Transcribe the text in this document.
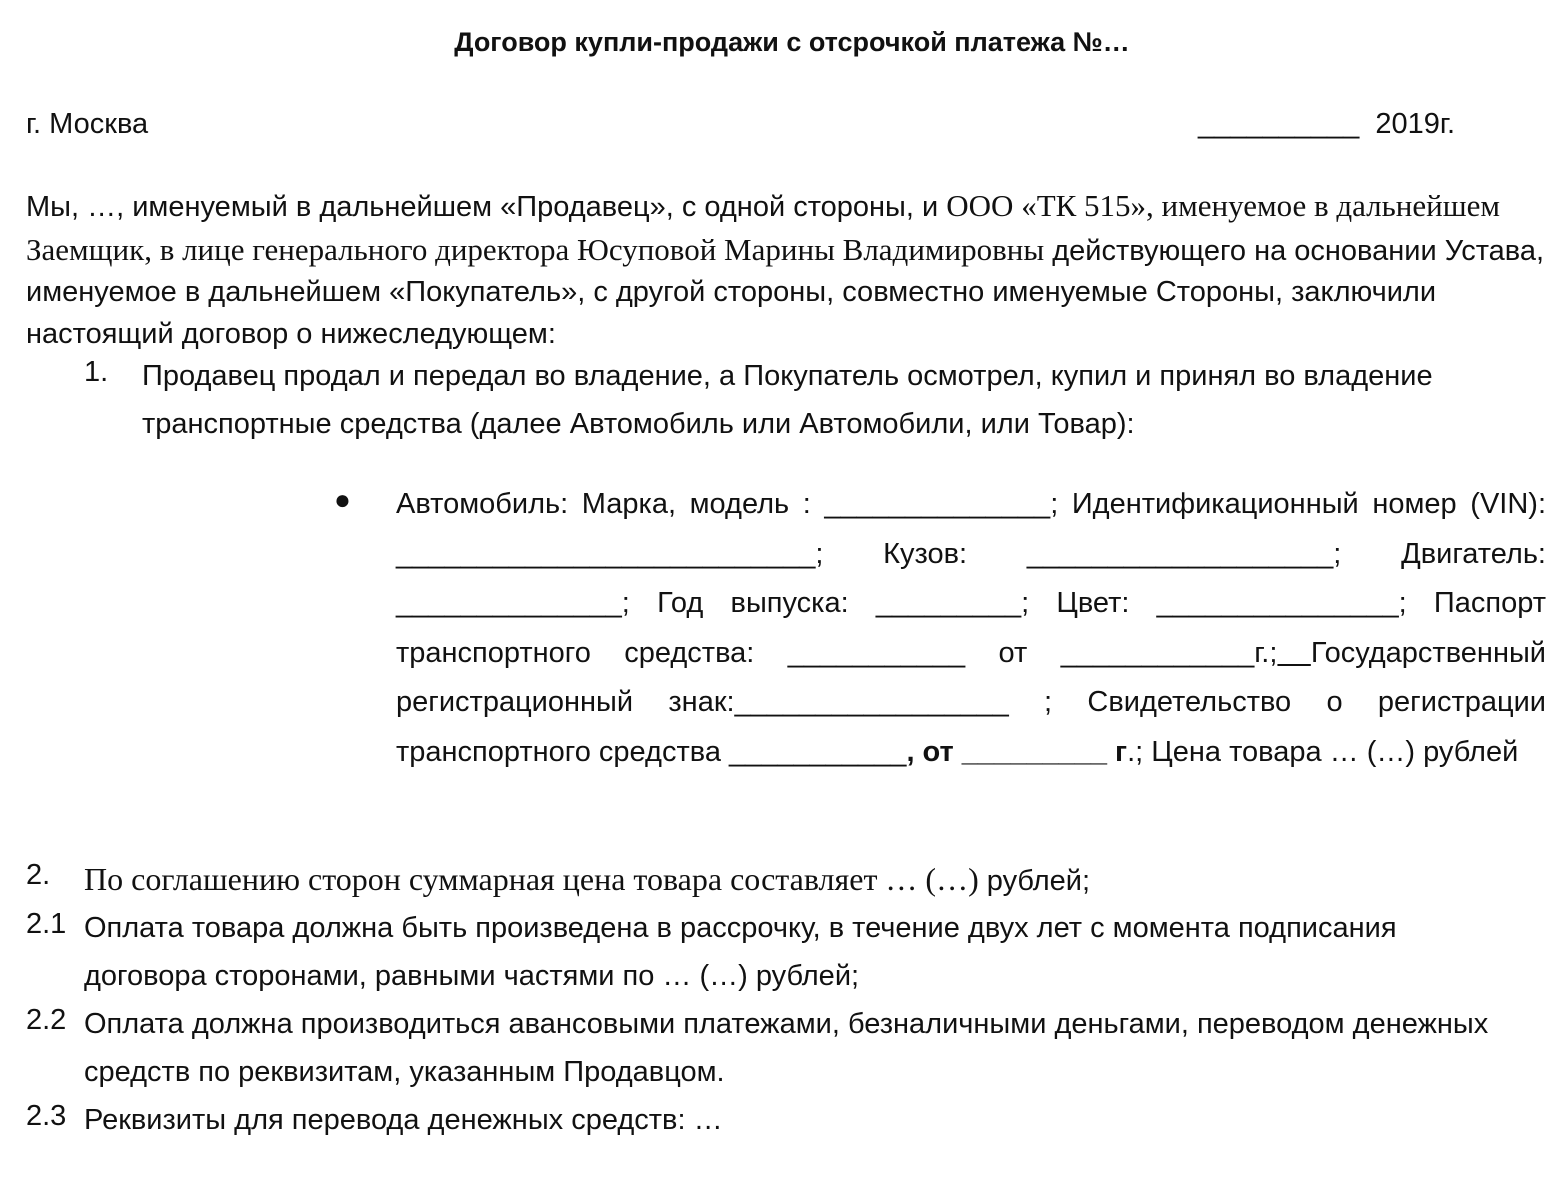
Договор купли-продажи с отсрочкой платежа №…
г. Москва	__________  2019г.
Мы, …, именуемый в дальнейшем «Продавец», с одной стороны, и ООО «ТК 515», именуемое в дальнейшем Заемщик, в лице генерального директора Юсуповой Марины Владимировны действующего на основании Устава, именуемое в дальнейшем «Покупатель», с другой стороны, совместно именуемые Стороны, заключили настоящий договор о нижеследующем:
1. Продавец продал и передал во владение, а Покупатель осмотрел, купил и принял во владение транспортные средства (далее Автомобиль или Автомобили, или Товар):
● Автомобиль: Марка, модель : ______________; Идентификационный номер (VIN): __________________________; Кузов: ___________________; Двигатель: ______________; Год выпуска: _________; Цвет: _______________; Паспорт транспортного средства: ___________ от ____________г.; Государственный регистрационный знак:_________________ ; Свидетельство о регистрации транспортного средства ___________, от _________ г.; Цена товара … (…) рублей
2.	По соглашению сторон суммарная цена товара составляет … (…) рублей;
2.1 Оплата товара должна быть произведена в рассрочку, в течение двух лет с момента подписания договора сторонами, равными частями по … (…) рублей;
2.2 Оплата должна производиться авансовыми платежами, безналичными деньгами, переводом денежных средств по реквизитам, указанным Продавцом.
2.3 Реквизиты для перевода денежных средств: …
